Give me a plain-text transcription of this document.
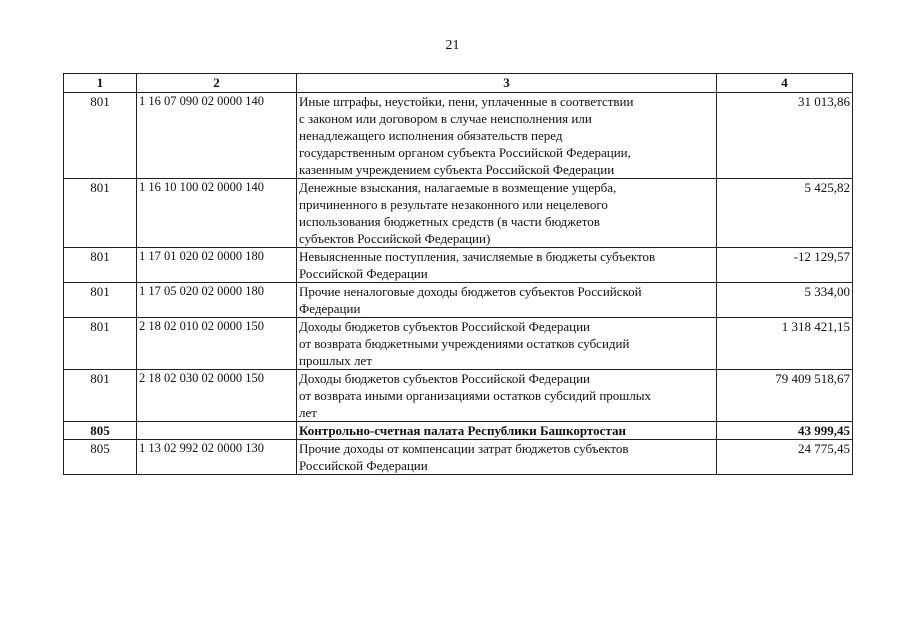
21
1	2	3	4
801	1 16 07 090 02 0000 140	Иные штрафы, неустойки, пени, уплаченные в соответствии
с законом или договором в случае неисполнения или
ненадлежащего исполнения обязательств перед
государственным органом субъекта Российской Федерации,
казенным учреждением субъекта Российской Федерации	31 013,86
801	1 16 10 100 02 0000 140	Денежные взыскания, налагаемые в возмещение ущерба,
причиненного в результате незаконного или нецелевого
использования бюджетных средств (в части бюджетов
субъектов Российской Федерации)	5 425,82
801	1 17 01 020 02 0000 180	Невыясненные поступления, зачисляемые в бюджеты субъектов
Российской Федерации	-12 129,57
801	1 17 05 020 02 0000 180	Прочие неналоговые доходы бюджетов субъектов Российской
Федерации	5 334,00
801	2 18 02 010 02 0000 150	Доходы бюджетов субъектов Российской Федерации
от возврата бюджетными учреждениями остатков субсидий
прошлых лет	1 318 421,15
801	2 18 02 030 02 0000 150	Доходы бюджетов субъектов Российской Федерации
от возврата иными организациями остатков субсидий прошлых
лет	79 409 518,67
805		Контрольно-счетная палата Республики Башкортостан	43 999,45
805	1 13 02 992 02 0000 130	Прочие доходы от компенсации затрат бюджетов субъектов
Российской Федерации	24 775,45
